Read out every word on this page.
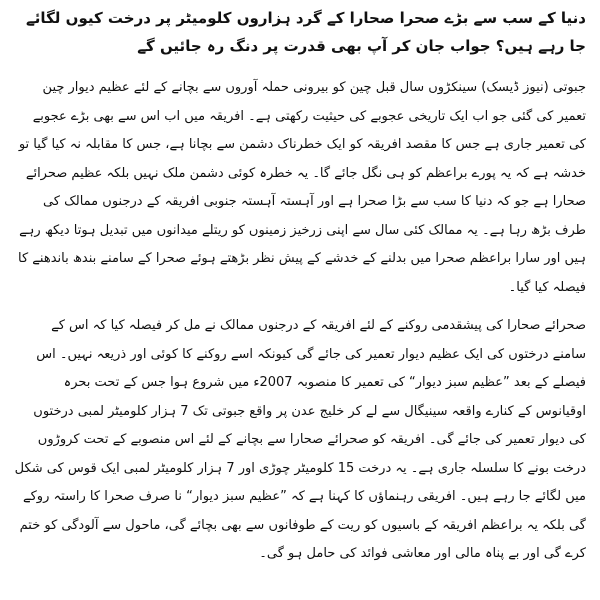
دنیا کے سب سے بڑے صحرا صحارا کے گرد ہزاروں کلومیٹر پر درخت کیوں لگائے جا رہے ہیں؟ جواب جان کر آپ بھی قدرت پر دنگ رہ جائیں گے
جبوتی (نیوز ڈیسک) سینکڑوں سال قبل چین کو بیرونی حملہ آوروں سے بچانے کے لئے عظیم دیوار چین تعمیر کی گئی جو اب ایک تاریخی عجوبے کی حیثیت رکھتی ہے۔ افریقہ میں اب اس سے بھی بڑے عجوبے کی تعمیر جاری ہے جس کا مقصد افریقہ کو ایک خطرناک دشمن سے بچانا ہے، جس کا مقابلہ نہ کیا گیا تو خدشہ ہے کہ یہ پورے براعظم کو ہی نگل جائے گا۔ یہ خطرہ کوئی دشمن ملک نہیں بلکہ عظیم صحرائے صحارا ہے جو کہ دنیا کا سب سے بڑا صحرا ہے اور آہستہ آہستہ جنوبی افریقہ کے درجنوں ممالک کی طرف بڑھ رہا ہے۔ یہ ممالک کئی سال سے اپنی زرخیز زمینوں کو ریتلے میدانوں میں تبدیل ہوتا دیکھ رہے ہیں اور سارا براعظم صحرا میں بدلنے کے خدشے کے پیش نظر بڑھتے ہوئے صحرا کے سامنے بندھ باندھنے کا فیصلہ کیا گیا۔
صحرائے صحارا کی پیشقدمی روکنے کے لئے افریقہ کے درجنوں ممالک نے مل کر فیصلہ کیا کہ اس کے سامنے درختوں کی ایک عظیم دیوار تعمیر کی جائے گی کیونکہ اسے روکنے کا کوئی اور ذریعہ نہیں۔ اس فیصلے کے بعد ”عظیم سبز دیوار“ کی تعمیر کا منصوبہ 2007ء میں شروع ہوا جس کے تحت بحرہ اوقیانوس کے کنارے واقعہ سینیگال سے لے کر خلیج عدن پر واقع جبوتی تک 7 ہزار کلومیٹر لمبی درختوں کی دیوار تعمیر کی جائے گی۔ افریقہ کو صحرائے صحارا سے بچانے کے لئے اس منصوبے کے تحت کروڑوں درخت بونے کا سلسلہ جاری ہے۔ یہ درخت 15 کلومیٹر چوڑی اور 7 ہزار کلومیٹر لمبی ایک قوس کی شکل میں لگائے جا رہے ہیں۔ افریقی رہنماؤں کا کہنا ہے کہ ”عظیم سبز دیوار“ نا صرف صحرا کا راستہ روکے گی بلکہ یہ براعظم افریقہ کے باسیوں کو ریت کے طوفانوں سے بھی بچائے گی، ماحول سے آلودگی کو ختم کرے گی اور بے پناہ مالی اور معاشی فوائد کی حامل ہو گی۔
